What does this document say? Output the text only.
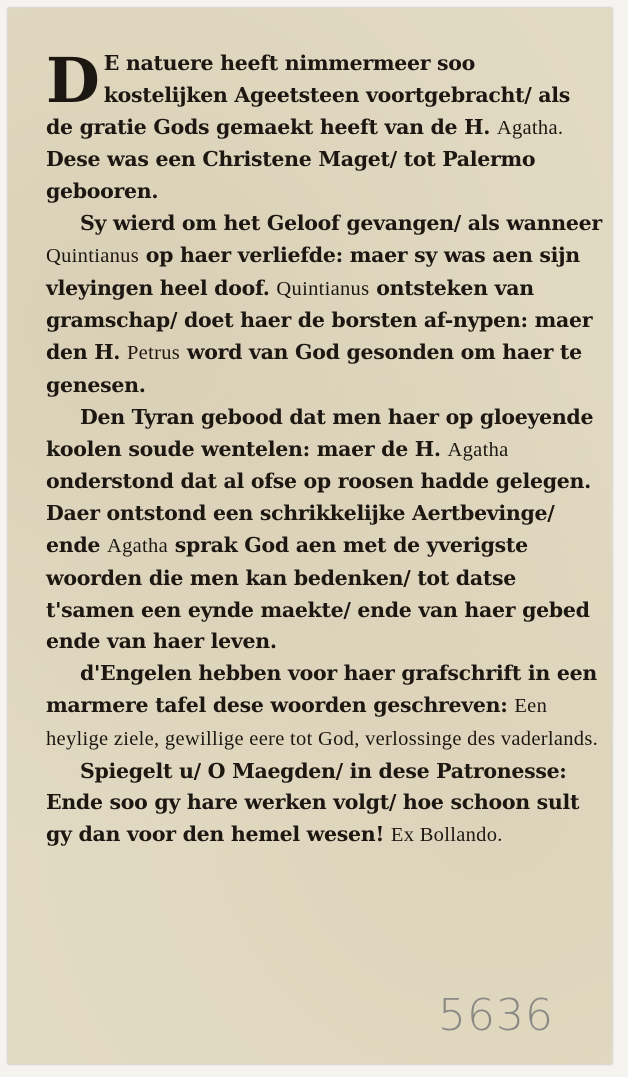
D E natuere heeft nimmermeer soo kostelijken Ageetsteen voortgebracht/ als de gratie Gods gemaekt heeft van de H. Agatha. Dese was een Christene Maget/ tot Palermo gebooren.

Sy wierd om het Geloof gevangen/ als wanneer Quintianus op haer verliefde: maer sy was aen sijn vleyingen heel doof. Quintianus ontsteken van gramschap/ doet haer de borsten af-nypen: maer den H. Petrus word van God gesonden om haer te genesen.

Den Tyran gebood dat men haer op gloeyende koolen soude wentelen: maer de H. Agatha onderstond dat al ofse op roosen hadde gelegen. Daer ontstond een schrikkelijke Aertbevinge/ ende Agatha sprak God aen met de yverigste woorden die men kan bedenken/ tot datse t'samen een eynde maekte/ ende van haer gebed ende van haer leven.

d'Engelen hebben voor haer grafschrift in een marmere tafel dese woorden geschreven: Een heylige ziele, gewillige eere tot God, verlossinge des vaderlands.

Spiegelt u/ O Maegden/ in dese Patronesse: Ende soo gy hare werken volgt/ hoe schoon sult gy dan voor den hemel wesen! Ex Bollando.

5636
